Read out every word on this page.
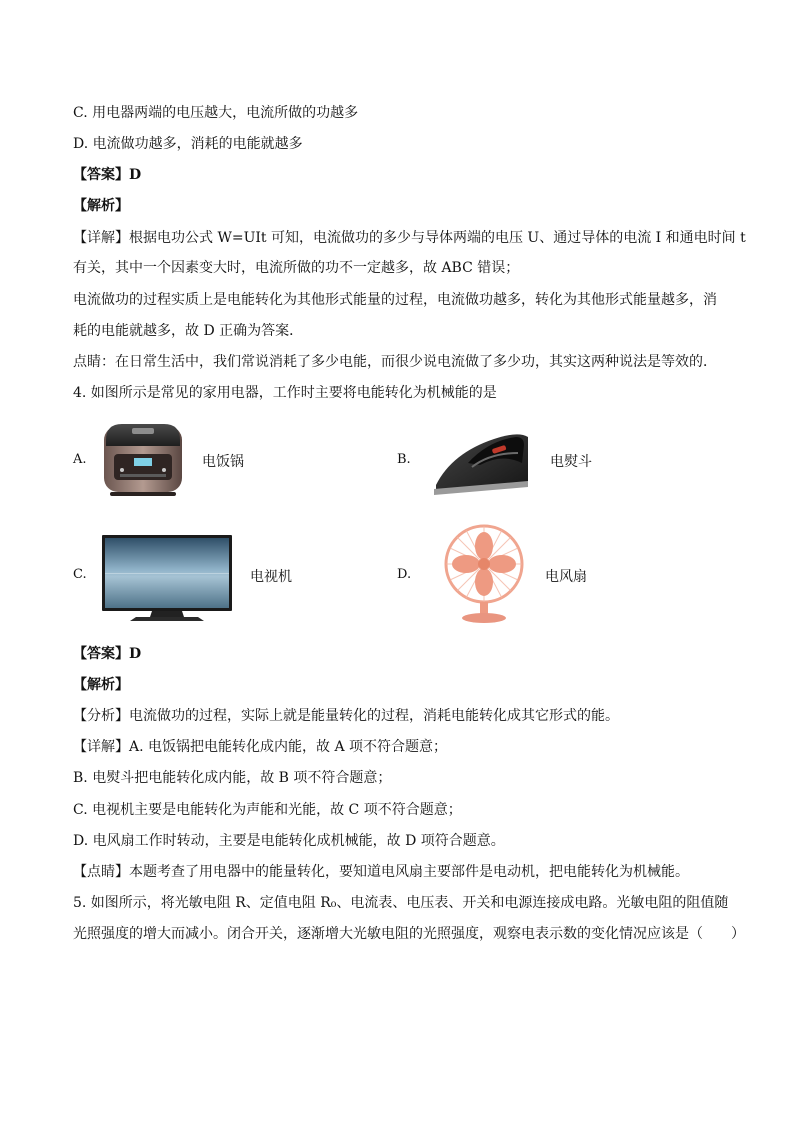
C. 用电器两端的电压越大，电流所做的功越多
D. 电流做功越多，消耗的电能就越多
【答案】D
【解析】
【详解】根据电功公式 W=UIt 可知，电流做功的多少与导体两端的电压 U、通过导体的电流 I 和通电时间 t
有关，其中一个因素变大时，电流所做的功不一定越多，故 ABC 错误；
电流做功的过程实质上是电能转化为其他形式能量的过程，电流做功越多，转化为其他形式能量越多，消
耗的电能就越多，故 D 正确为答案．
点睛：在日常生活中，我们常说消耗了多少电能，而很少说电流做了多少功，其实这两种说法是等效的．
4. 如图所示是常见的家用电器，工作时主要将电能转化为机械能的是
A.	电饭锅	B.	电熨斗
C.	电视机	D.	电风扇
【答案】D
【解析】
【分析】电流做功的过程，实际上就是能量转化的过程，消耗电能转化成其它形式的能。
【详解】A. 电饭锅把电能转化成内能，故 A 项不符合题意；
B. 电熨斗把电能转化成内能，故 B 项不符合题意；
C. 电视机主要是电能转化为声能和光能，故 C 项不符合题意；
D. 电风扇工作时转动，主要是电能转化成机械能，故 D 项符合题意。
【点睛】本题考查了用电器中的能量转化，要知道电风扇主要部件是电动机，把电能转化为机械能。
5. 如图所示，将光敏电阻 R、定值电阻 R₀、电流表、电压表、开关和电源连接成电路。光敏电阻的阻值随
光照强度的增大而减小。闭合开关，逐渐增大光敏电阻的光照强度，观察电表示数的变化情况应该是（　　）
